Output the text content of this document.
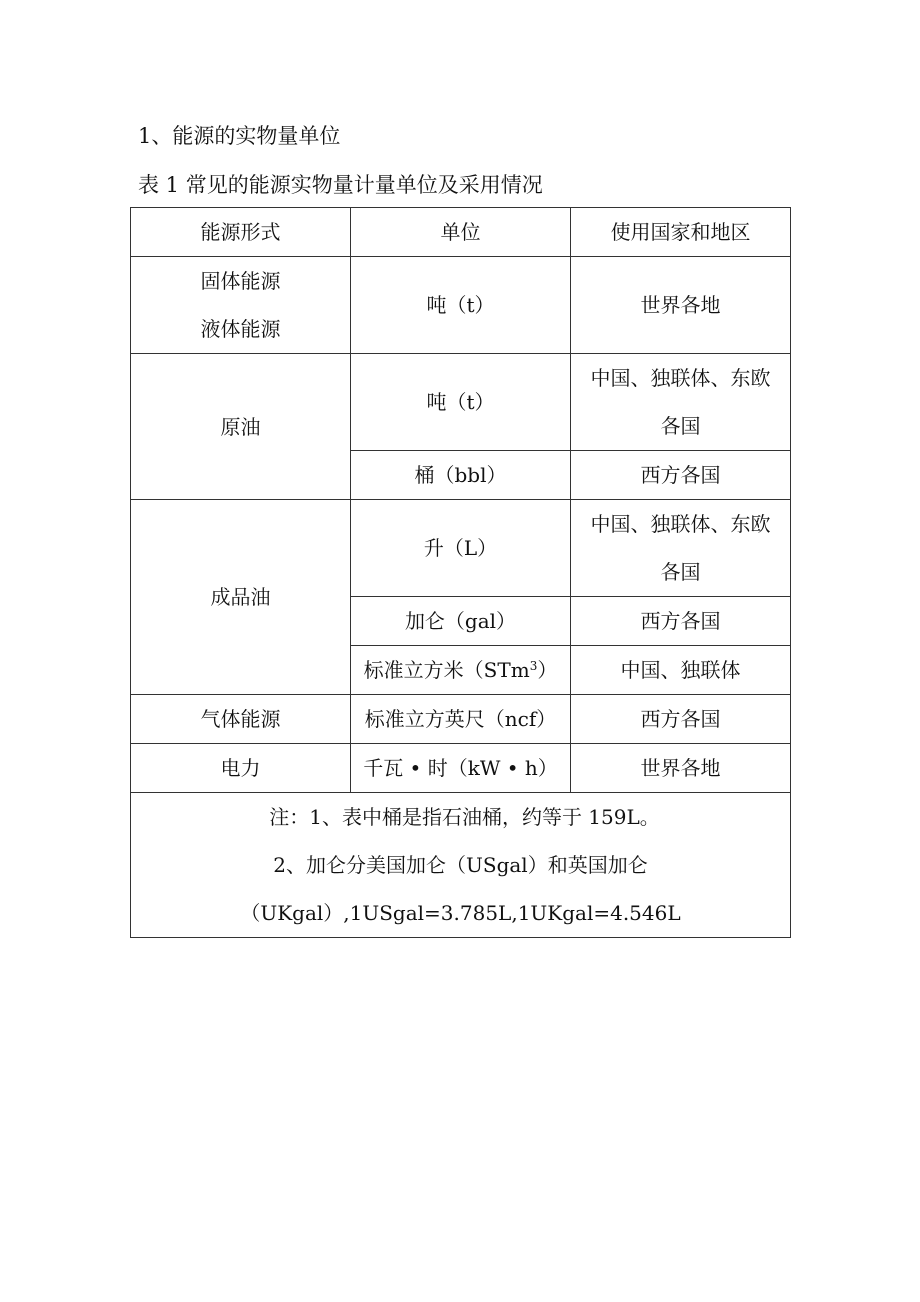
1、能源的实物量单位
表 1 常见的能源实物量计量单位及采用情况
能源形式	单位	使用国家和地区

固体能源
液体能源	吨（t）	世界各地
原油	吨（t）	中国、独联体、东欧
各国

	桶（bbl）	西方各国
成品油	升（L）	中国、独联体、东欧
各国

	加仑（gal）	西方各国
	标准立方米（STm$^3$）	中国、独联体
气体能源	标准立方英尺（ncf）	西方各国
电力	千瓦 • 时（kW • h）	世界各地

注：1、表中桶是指石油桶，约等于 159L。
2、加仑分美国加仑（USgal）和英国加仑
（UKgal）,1USgal=3.785L,1UKgal=4.546L		
